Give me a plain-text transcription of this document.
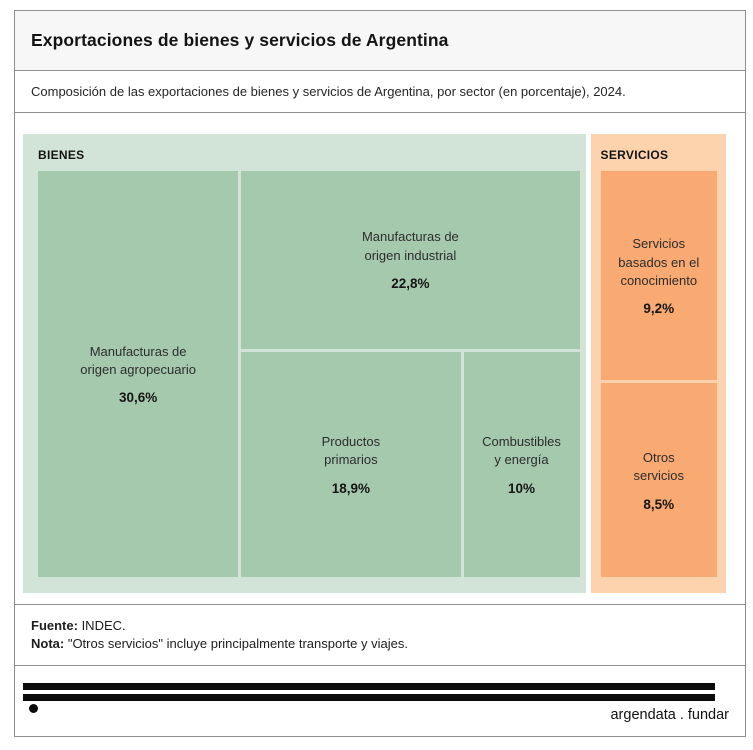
Exportaciones de bienes y servicios de Argentina

Composición de las exportaciones de bienes y servicios de Argentina, por sector (en porcentaje), 2024.

BIENES
Manufacturas de
origen agropecuario
30,6%
Manufacturas de
origen industrial
22,8%
Productos
primarios
18,9%
Combustibles
y energía
10%
SERVICIOS
Servicios
basados en el
conocimiento
9,2%
Otros
servicios
8,5%
Fuente: INDEC.
Nota: "Otros servicios" incluye principalmente transporte y viajes.
argendata . fundar
